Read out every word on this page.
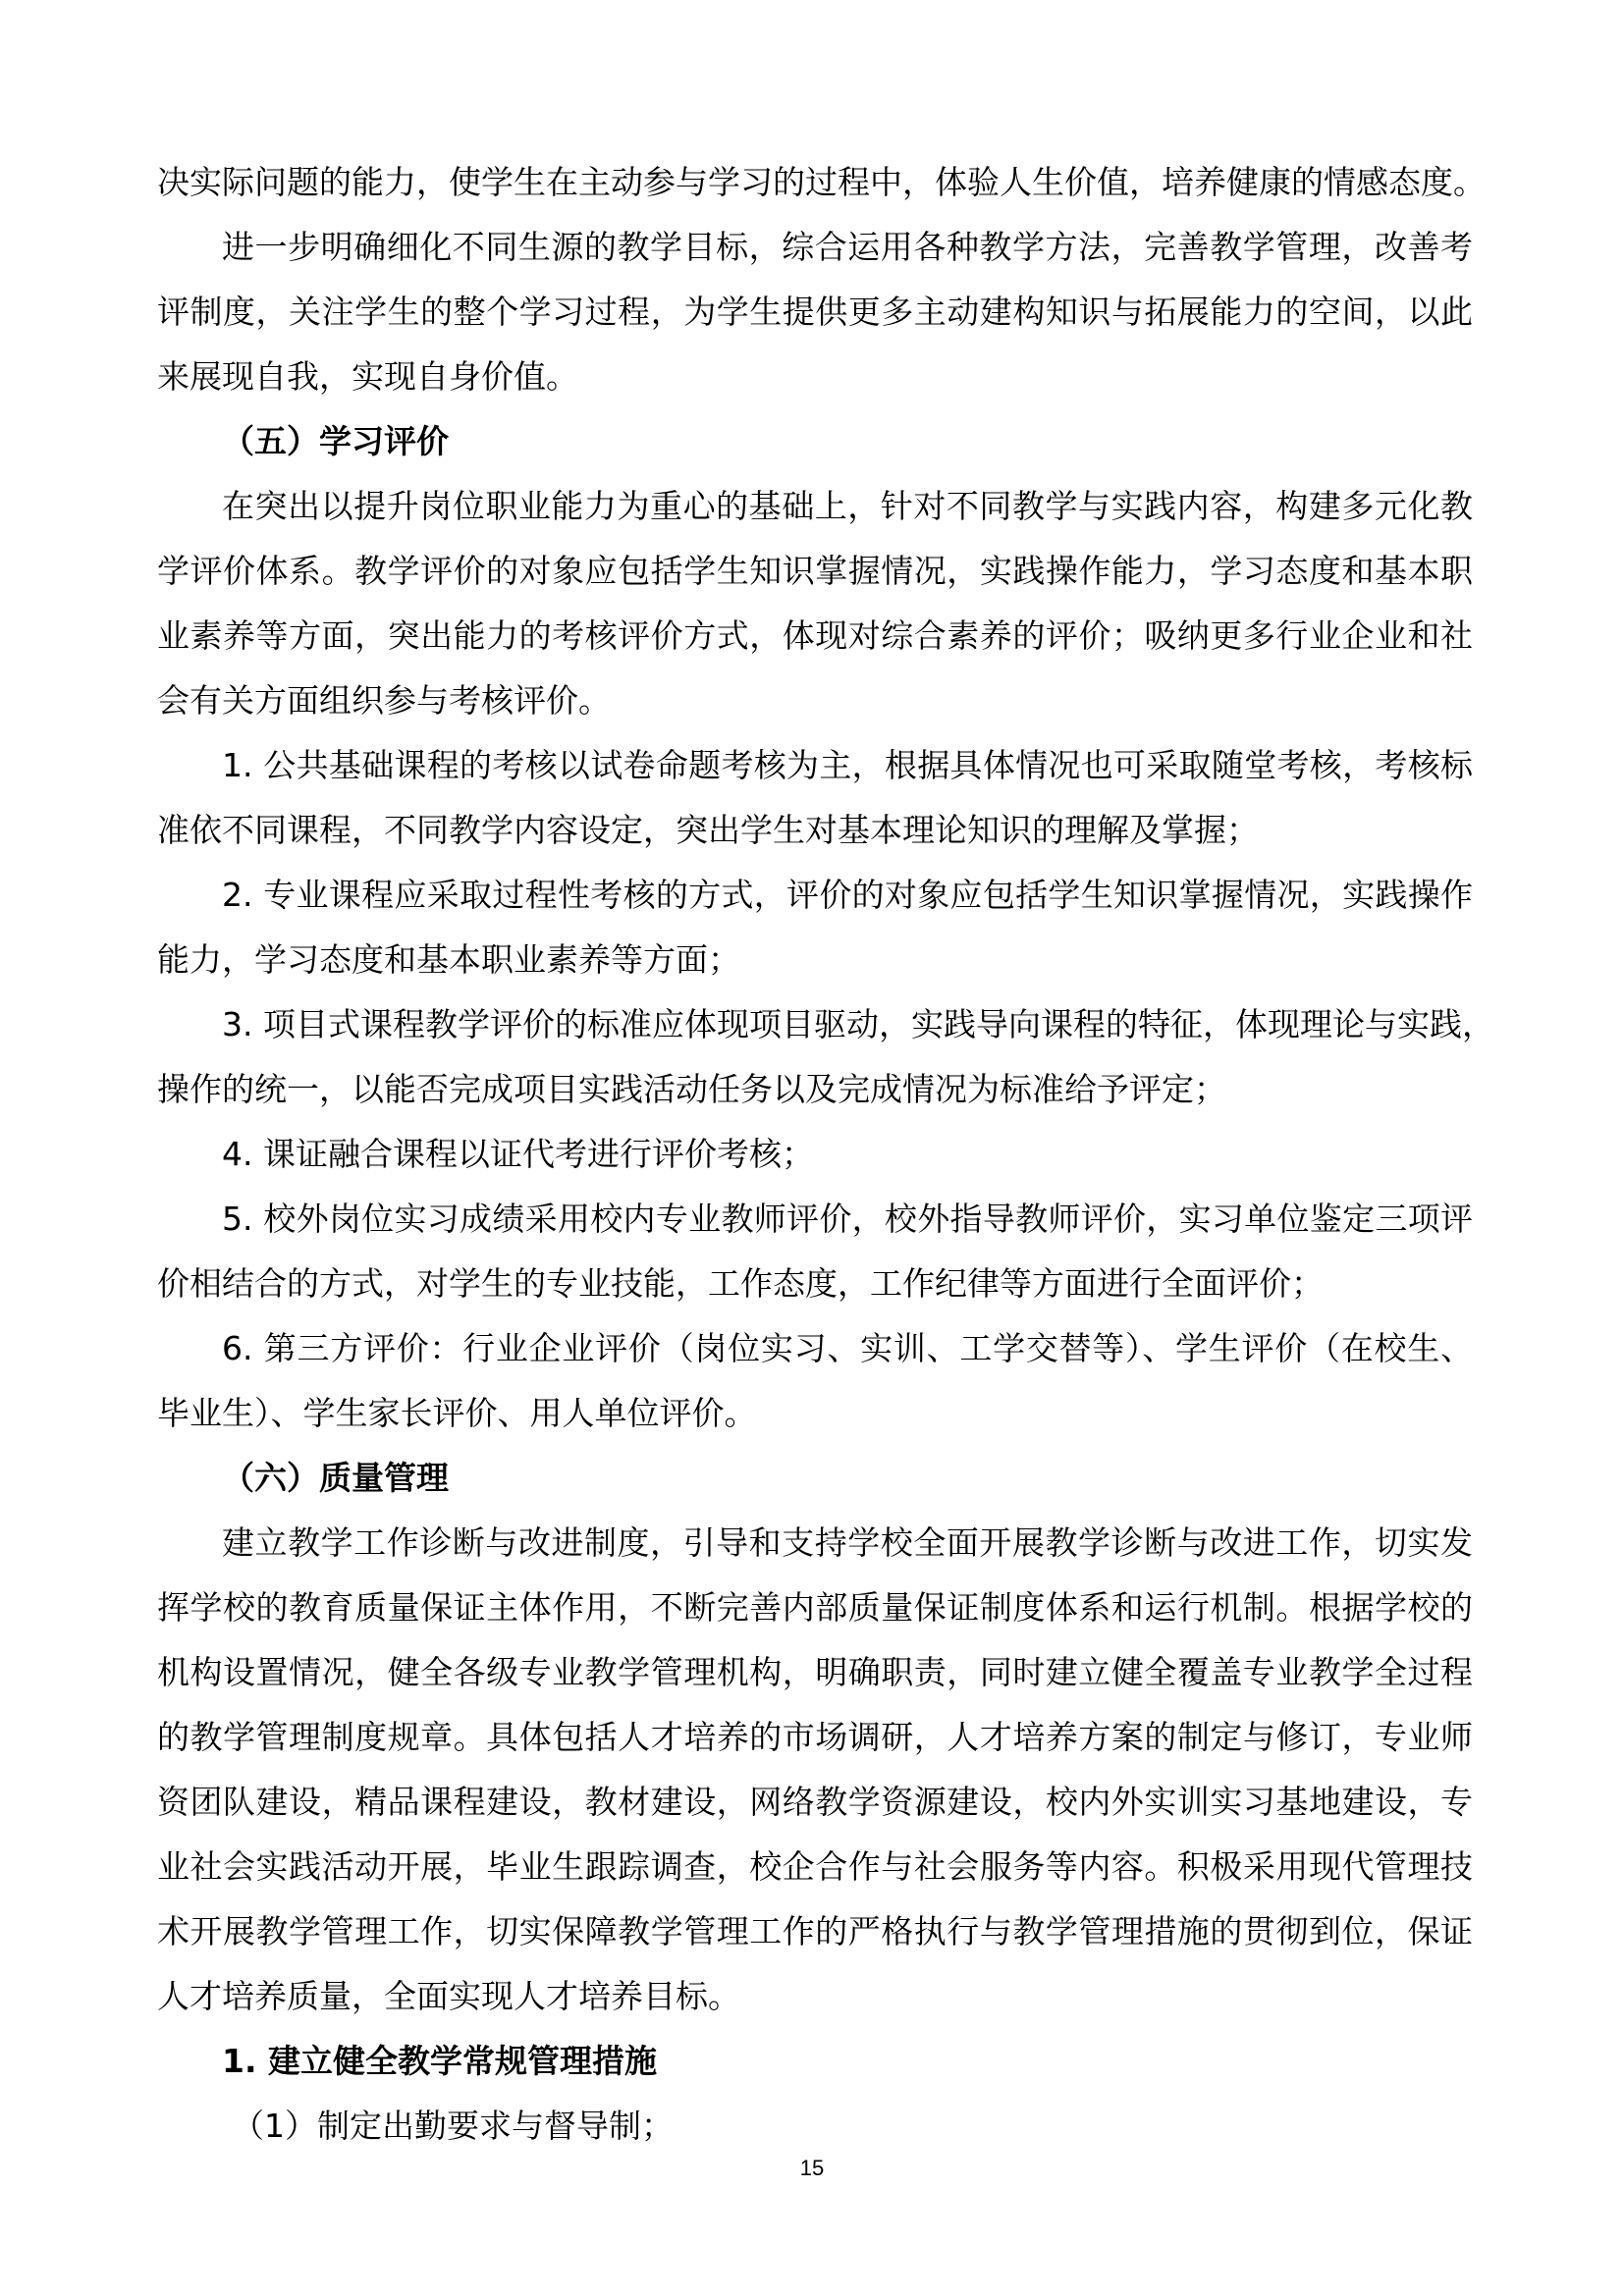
决实际问题的能力，使学生在主动参与学习的过程中，体验人生价值，培养健康的情感态度。
进一步明确细化不同生源的教学目标，综合运用各种教学方法，完善教学管理，改善考
评制度，关注学生的整个学习过程，为学生提供更多主动建构知识与拓展能力的空间，以此
来展现自我，实现自身价值。
（五）学习评价
在突出以提升岗位职业能力为重心的基础上，针对不同教学与实践内容，构建多元化教
学评价体系。教学评价的对象应包括学生知识掌握情况，实践操作能力，学习态度和基本职
业素养等方面，突出能力的考核评价方式，体现对综合素养的评价；吸纳更多行业企业和社
会有关方面组织参与考核评价。
1. 公共基础课程的考核以试卷命题考核为主，根据具体情况也可采取随堂考核，考核标
准依不同课程，不同教学内容设定，突出学生对基本理论知识的理解及掌握；
2. 专业课程应采取过程性考核的方式，评价的对象应包括学生知识掌握情况，实践操作
能力，学习态度和基本职业素养等方面；
3. 项目式课程教学评价的标准应体现项目驱动，实践导向课程的特征，体现理论与实践，
操作的统一，以能否完成项目实践活动任务以及完成情况为标准给予评定；
4. 课证融合课程以证代考进行评价考核；
5. 校外岗位实习成绩采用校内专业教师评价，校外指导教师评价，实习单位鉴定三项评
价相结合的方式，对学生的专业技能，工作态度，工作纪律等方面进行全面评价；
6. 第三方评价：行业企业评价（岗位实习、实训、工学交替等）、学生评价（在校生、
毕业生）、学生家长评价、用人单位评价。
（六）质量管理
建立教学工作诊断与改进制度，引导和支持学校全面开展教学诊断与改进工作，切实发
挥学校的教育质量保证主体作用，不断完善内部质量保证制度体系和运行机制。根据学校的
机构设置情况，健全各级专业教学管理机构，明确职责，同时建立健全覆盖专业教学全过程
的教学管理制度规章。具体包括人才培养的市场调研，人才培养方案的制定与修订，专业师
资团队建设，精品课程建设，教材建设，网络教学资源建设，校内外实训实习基地建设，专
业社会实践活动开展，毕业生跟踪调查，校企合作与社会服务等内容。积极采用现代管理技
术开展教学管理工作，切实保障教学管理工作的严格执行与教学管理措施的贯彻到位，保证
人才培养质量，全面实现人才培养目标。
1. 建立健全教学常规管理措施
（1）制定出勤要求与督导制；
15
